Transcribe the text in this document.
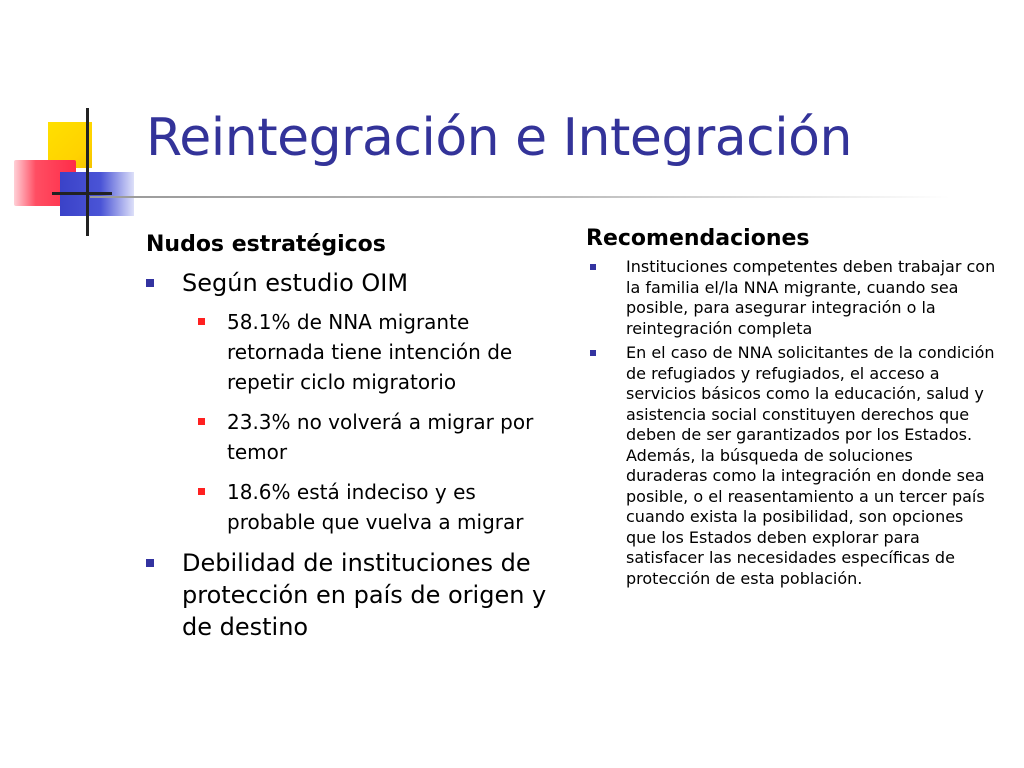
Reintegración e Integración
Nudos estratégicos
Según estudio OIM
58.1% de NNA migrante retornada tiene intención de repetir ciclo migratorio
23.3% no volverá a migrar por temor
18.6% está indeciso y es probable que vuelva a migrar
Debilidad de instituciones de protección en país de origen y de destino
Recomendaciones
Instituciones competentes deben trabajar con la familia el/la NNA migrante, cuando sea posible, para asegurar integración o la reintegración completa
En el caso de NNA solicitantes de la condición de refugiados y refugiados, el acceso a servicios básicos como la educación, salud y asistencia social constituyen derechos que deben de ser garantizados por los Estados. Además, la búsqueda de soluciones duraderas como la integración en donde sea posible, o el reasentamiento a un tercer país cuando exista la posibilidad, son opciones que los Estados deben explorar para satisfacer las necesidades específicas de protección de esta población.
